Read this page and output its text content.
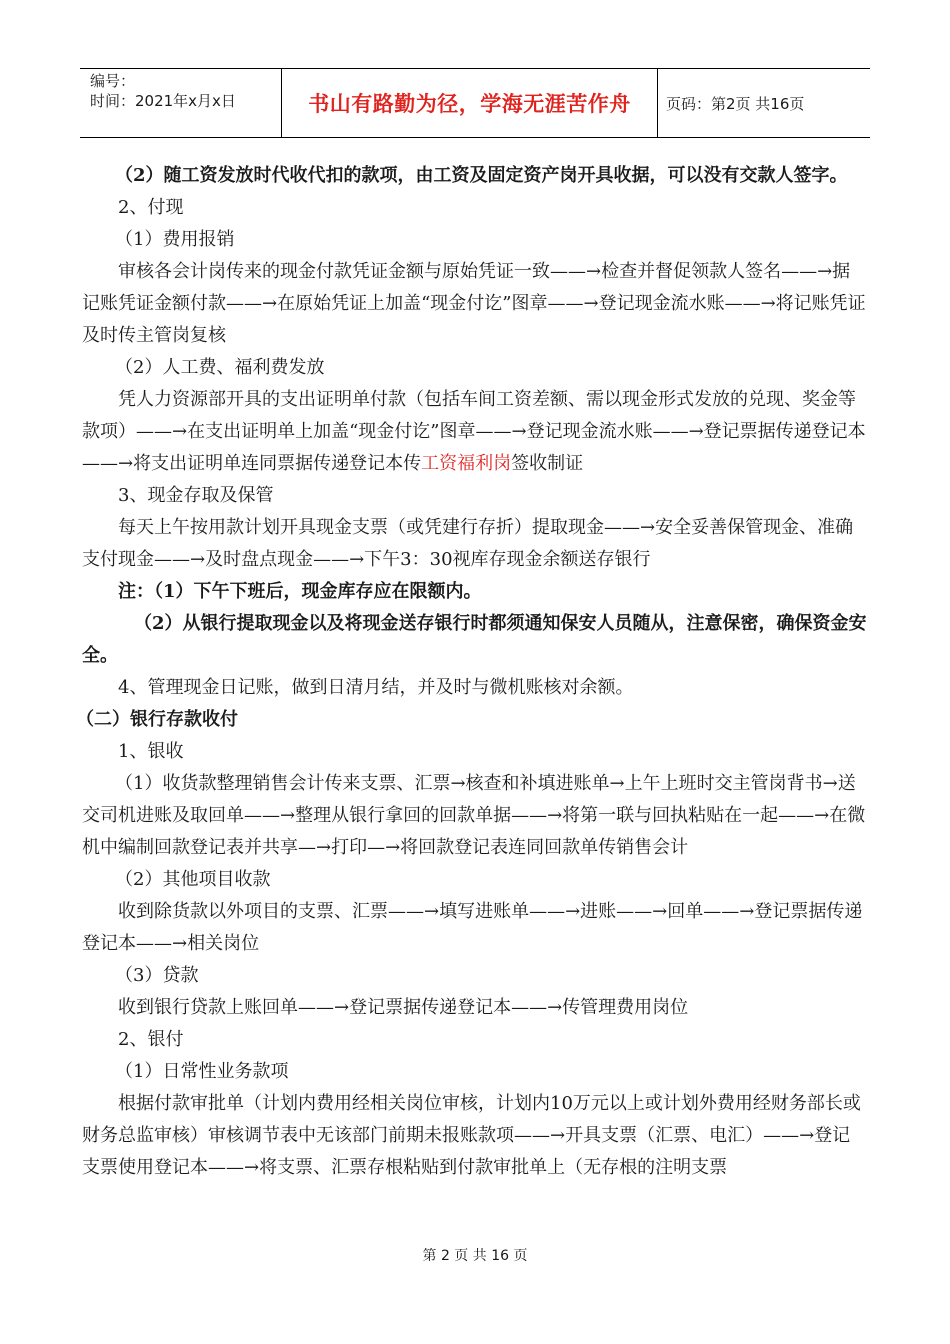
编号：
时间：2021年x月x日	书山有路勤为径，学海无涯苦作舟	页码：第2页 共16页

（2）随工资发放时代收代扣的款项，由工资及固定资产岗开具收据，可以没有交款人签字。

2、付现

（1）费用报销

审核各会计岗传来的现金付款凭证金额与原始凭证一致——→检查并督促领款人签名——→据记账凭证金额付款——→在原始凭证上加盖“现金付讫”图章——→登记现金流水账——→将记账凭证及时传主管岗复核

（2）人工费、福利费发放

凭人力资源部开具的支出证明单付款（包括车间工资差额、需以现金形式发放的兑现、奖金等款项）——→在支出证明单上加盖“现金付讫”图章——→登记现金流水账——→登记票据传递登记本——→将支出证明单连同票据传递登记本传工资福利岗签收制证

3、现金存取及保管

每天上午按用款计划开具现金支票（或凭建行存折）提取现金——→安全妥善保管现金、准确支付现金——→及时盘点现金——→下午3：30视库存现金余额送存银行

注：（1）下午下班后，现金库存应在限额内。

（2）从银行提取现金以及将现金送存银行时都须通知保安人员随从，注意保密，确保资金安全。

4、管理现金日记账，做到日清月结，并及时与微机账核对余额。

（二）银行存款收付

1、银收

（1）收货款整理销售会计传来支票、汇票→核查和补填进账单→上午上班时交主管岗背书→送交司机进账及取回单——→整理从银行拿回的回款单据——→将第一联与回执粘贴在一起——→在微机中编制回款登记表并共享—→打印—→将回款登记表连同回款单传销售会计

（2）其他项目收款

收到除货款以外项目的支票、汇票——→填写进账单——→进账——→回单——→登记票据传递登记本——→相关岗位

（3）贷款

收到银行贷款上账回单——→登记票据传递登记本——→传管理费用岗位

2、银付

（1）日常性业务款项

根据付款审批单（计划内费用经相关岗位审核，计划内10万元以上或计划外费用经财务部长或财务总监审核）审核调节表中无该部门前期未报账款项——→开具支票（汇票、电汇）——→登记支票使用登记本——→将支票、汇票存根粘贴到付款审批单上（无存根的注明支票

第 2 页 共 16 页
